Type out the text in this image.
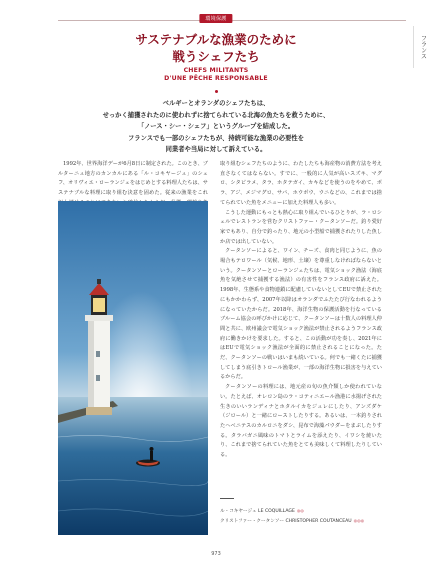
環境保護
フランス
サステナブルな漁業のために
戦うシェフたち
CHEFS MILITANTS
D'UNE PÊCHE RESPONSABLE
ベルギーとオランダのシェフたちは、
せっかく捕獲されたのに使われずに捨てられている北海の魚たちを救うために、
「ノース・シー・シェフ」というグループを結成した。
フランスでも一部のシェフたちが、持続可能な漁業の必要性を
同業者や当局に対して訴えている。

1992年、世界海洋デーが6月8日に制定された。このとき、ブルターニュ地方のカンカルにある「ル・コキヤージュ」のシェフ、オリヴィエ・ローランジェをはじめとする料理人たちは、サステナブルな料理に取り組む決意を固めた。従来の漁業をこれ

取り組むシェフたちのように、わたしたちも海産物の消費方法を考え直さなくてはならない。すでに、一般的に人気が高いスズキ、マグロ、シタビラメ、タラ、ホタテガイ、カキなどを使うのをやめて、ボラ、アジ、メジマグロ、サバ、ホウボウ、ウニなどの、これまでは捨てられていた魚をメニューに加えた料理人も多い。

こうした運動にもっとも熱心に取り組んでいるひとりが、ラ・ロシェルでレストランを営むクリストファー・クータンソーだ。釣り愛好家でもあり、自分で釣ったり、地元の小型船で捕獲されたりした魚しか店では出していない。

クータンソーによると、ワイン、チーズ、食肉と同じように、魚の場合もテロワール（気候、地形、土壌）を尊重しなければならないという。クータンソーとローランジェたちは、電気ショック漁法（海底魚を気絶させて捕獲する漁法）の有害性をフランス政府に訴えた。1998年、生態系や食物連鎖に配慮していないとしてEUで禁止されたにもかかわらず、2007年以降はオランダでふたたび行なわれるようになっていたからだ。2018年、海洋生物の保護活動を行なっているブルーム協会の呼びかけに応じて、クータンソーは十数人の料理人仲間と共に、欧州議会で電気ショック漁法が禁止されるようフランス政府に働きかけを要求した。すると、この活動が功を奏し、2021年にはEUで電気ショック漁法が全面的に禁止されることになった。ただ、クータンソーの戦いはいまも続いている。何でも一緒くたに捕獲してしまう底引きトロール漁業が、一部の海洋生物に損害を与えているからだ。

クータンソーの料理には、地元産の旬の魚介類しか使われていない。たとえば、オレロン島のラ・コティニエール漁港に水揚げされた生きのいいランディナとホタルイカをジュレにしたり、アンズダケ（ジロール）と一緒にローストしたりする。あるいは、一本釣りされたヘベニテスのカルロニをダシ、昆布で海藻パウダーをまぶしたりする。タラバガニ風味のトマトとライムを添えたり、イワシを焼いたり、これまで捨てられていた魚をとても美味しくて料理したりしている。

ル・コキヤージュ LE COQUILLAGE ◎◎
クリストファー・クータンソー CHRISTOPHER COUTANCEAU ◎◎◎
973
